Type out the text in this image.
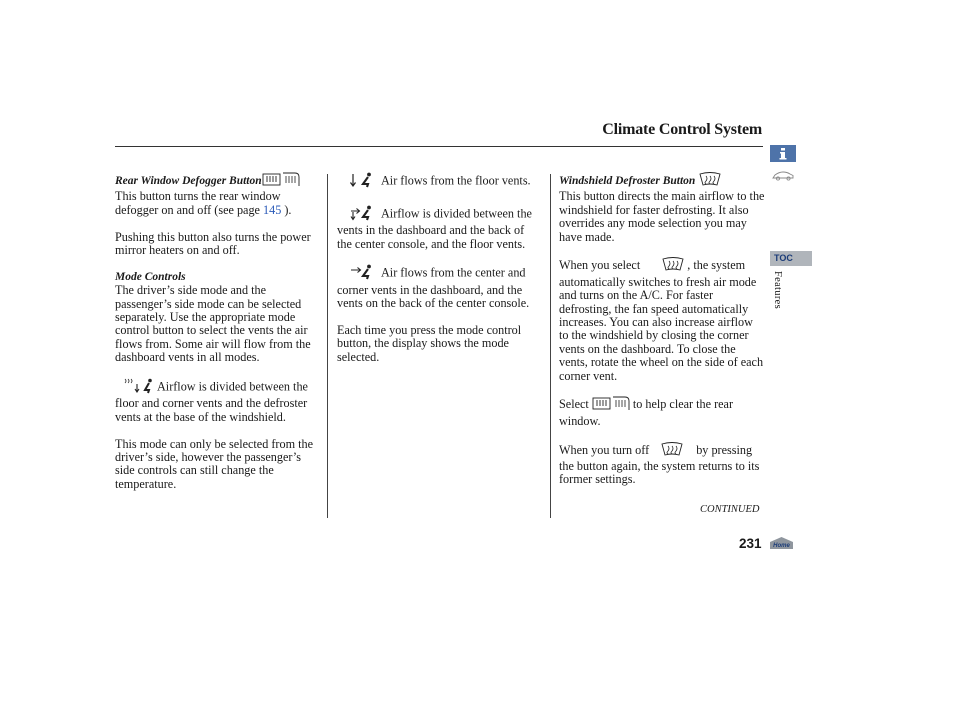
Climate Control System
TOC
Features
Rear Window Defogger Button

This button turns the rear window defogger on and off (see page 145 ).

Pushing this button also turns the power mirror heaters on and off.

Mode Controls

The driver’s side mode and the passenger’s side mode can be selected separately. Use the appropriate mode control button to select the vents the air flows from. Some air will flow from the dashboard vents in all modes.

Airflow is divided between the floor and corner vents and the defroster vents at the base of the windshield.

This mode can only be selected from the driver’s side, however the passenger’s side controls can still change the temperature.

Air flows from the floor vents.

Airflow is divided between the vents in the dashboard and the back of the center console, and the floor vents.

Air flows from the center and corner vents in the dashboard, and the vents on the back of the center console.

Each time you press the mode control button, the display shows the mode selected.

Windshield Defroster Button

This button directs the main airflow to the windshield for faster defrosting. It also overrides any mode selection you may have made.

When you select	, the system automatically switches to fresh air mode and turns on the A/C. For faster defrosting, the fan speed automatically increases. You can also increase airflow to the windshield by closing the corner vents on the dashboard. To close the vents, rotate the wheel on the side of each corner vent.

Select	to help clear the rear window.

When you turn off	by pressing the button again, the system returns to its former settings.

CONTINUED
231 Home
